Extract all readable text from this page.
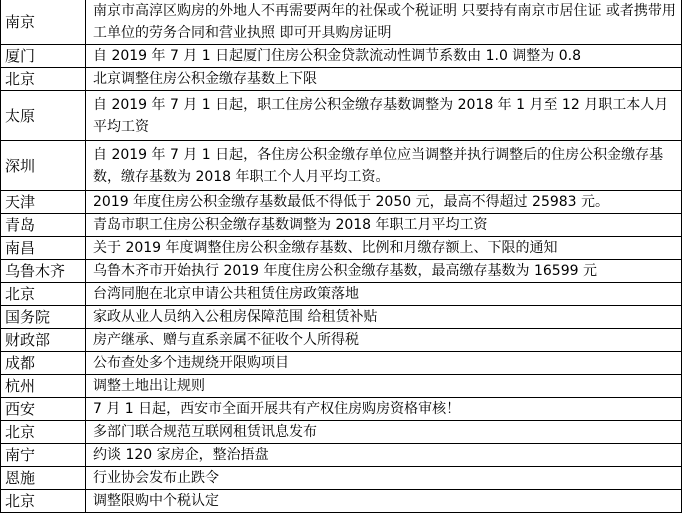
南京	南京市高淳区购房的外地人不再需要两年的社保或个税证明 只要持有南京市居住证 或者携带用工单位的劳务合同和营业执照 即可开具购房证明
厦门	自 2019 年 7 月 1 日起厦门住房公积金贷款流动性调节系数由 1.0 调整为 0.8
北京	北京调整住房公积金缴存基数上下限
太原	自 2019 年 7 月 1 日起，职工住房公积金缴存基数调整为 2018 年 1 月至 12 月职工本人月平均工资
深圳	自 2019 年 7 月 1 日起，各住房公积金缴存单位应当调整并执行调整后的住房公积金缴存基数，缴存基数为 2018 年职工个人月平均工资。
天津	2019 年度住房公积金缴存基数最低不得低于 2050 元，最高不得超过 25983 元。
青岛	青岛市职工住房公积金缴存基数调整为 2018 年职工月平均工资
南昌	关于 2019 年度调整住房公积金缴存基数、比例和月缴存额上、下限的通知
乌鲁木齐	乌鲁木齐市开始执行 2019 年度住房公积金缴存基数，最高缴存基数为 16599 元
北京	台湾同胞在北京申请公共租赁住房政策落地
国务院	家政从业人员纳入公租房保障范围 给租赁补贴
财政部	房产继承、赠与直系亲属不征收个人所得税
成都	公布查处多个违规绕开限购项目
杭州	调整土地出让规则
西安	7 月 1 日起，西安市全面开展共有产权住房购房资格审核！
北京	多部门联合规范互联网租赁讯息发布
南宁	约谈 120 家房企，整治捂盘
恩施	行业协会发布止跌令
北京	调整限购中个税认定
